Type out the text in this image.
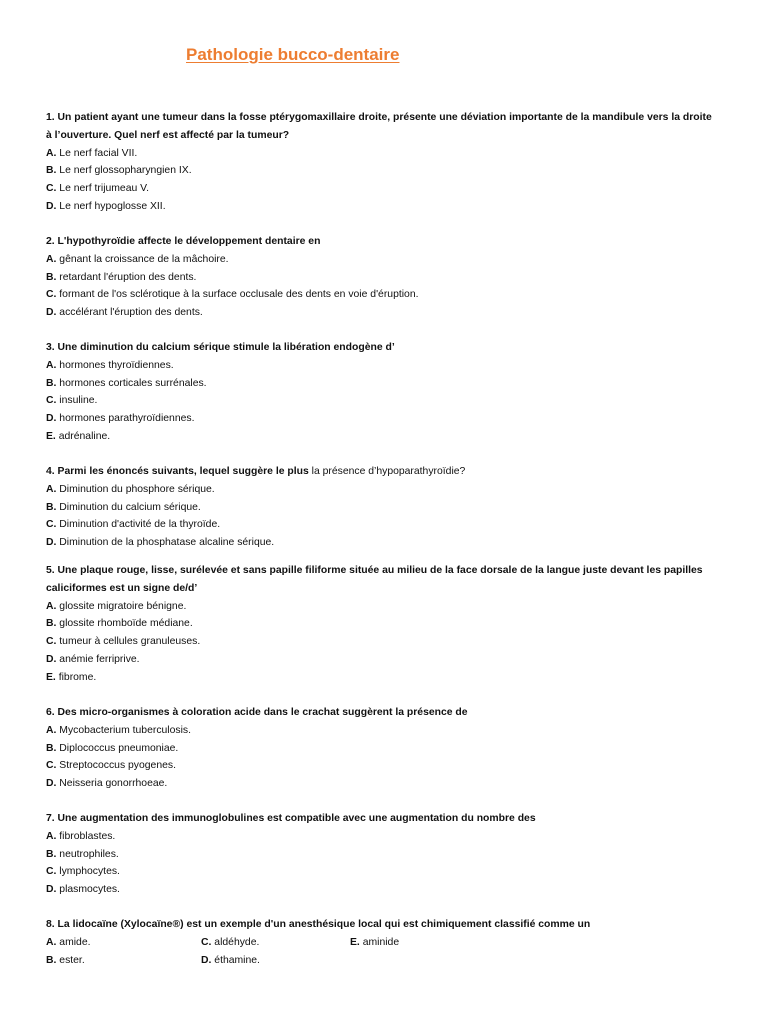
Pathologie bucco-dentaire
1. Un patient ayant une tumeur dans la fosse ptérygomaxillaire droite, présente une déviation importante de la mandibule vers la droite à l’ouverture. Quel nerf est affecté par la tumeur?
A. Le nerf facial VII.
B. Le nerf glossopharyngien IX.
C. Le nerf trijumeau V.
D. Le nerf hypoglosse XII.
2. L'hypothyroïdie affecte le développement dentaire en
A. gênant la croissance de la mâchoire.
B. retardant l'éruption des dents.
C. formant de l'os sclérotique à la surface occlusale des dents en voie d'éruption.
D. accélérant l'éruption des dents.
3. Une diminution du calcium sérique stimule la libération endogène d’
A. hormones thyroïdiennes.
B. hormones corticales surrénales.
C. insuline.
D. hormones parathyroïdiennes.
E. adrénaline.
4. Parmi les énoncés suivants, lequel suggère le plus la présence d’hypoparathyroïdie?
A. Diminution du phosphore sérique.
B. Diminution du calcium sérique.
C. Diminution d'activité de la thyroïde.
D. Diminution de la phosphatase alcaline sérique.
5. Une plaque rouge, lisse, surélevée et sans papille filiforme située au milieu de la face dorsale de la langue juste devant les papilles caliciformes est un signe de/d’
A. glossite migratoire bénigne.
B. glossite rhomboïde médiane.
C. tumeur à cellules granuleuses.
D. anémie ferriprive.
E. fibrome.
6. Des micro-organismes à coloration acide dans le crachat suggèrent la présence de
A. Mycobacterium tuberculosis.
B. Diplococcus pneumoniae.
C. Streptococcus pyogenes.
D. Neisseria gonorrhoeae.
7. Une augmentation des immunoglobulines est compatible avec une augmentation du nombre des
A. fibroblastes.
B. neutrophiles.
C. lymphocytes.
D. plasmocytes.
8. La lidocaïne (Xylocaïne®) est un exemple d'un anesthésique local qui est chimiquement classifié comme un
A. amide.	C. aldéhyde.	E. aminide
B. ester.	D. éthamine.
